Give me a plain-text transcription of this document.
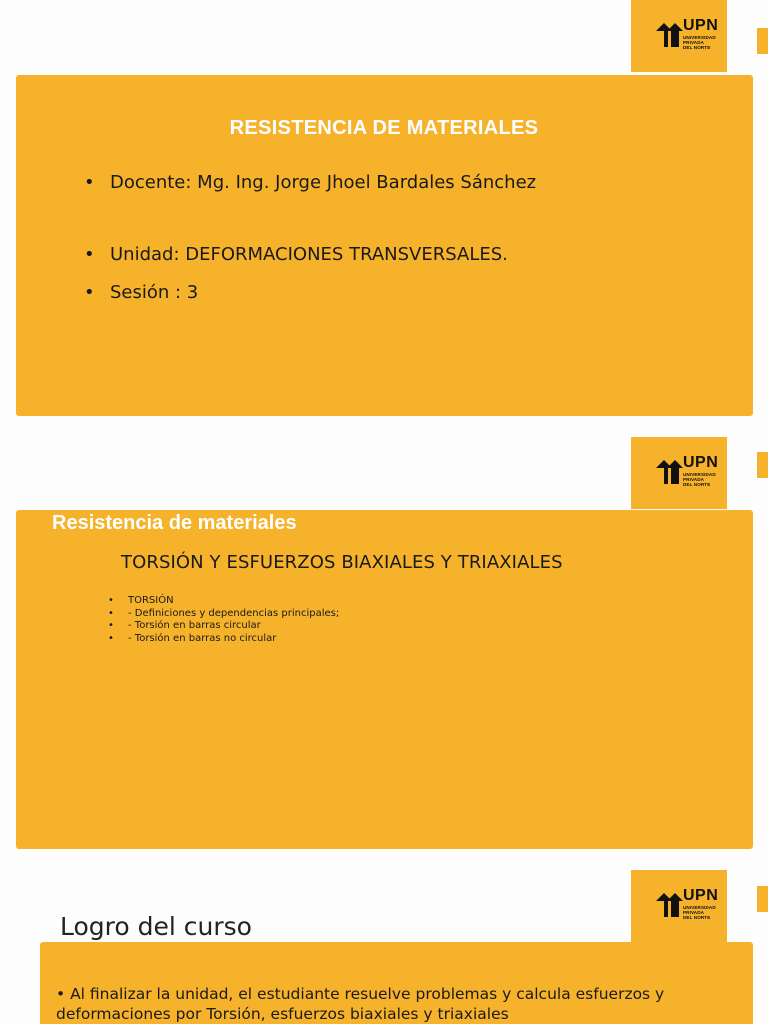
UPN
UNIVERSIDAD
PRIVADA
DEL NORTE
RESISTENCIA DE MATERIALES
• Docente: Mg. Ing. Jorge Jhoel Bardales Sánchez
• Unidad: DEFORMACIONES TRANSVERSALES.
• Sesión : 3
UPN
UNIVERSIDAD
PRIVADA
DEL NORTE
Resistencia de materiales
TORSIÓN Y ESFUERZOS BIAXIALES Y TRIAXIALES
• TORSIÓN
• - Definiciones y dependencias principales;
• - Torsión en barras circular
• - Torsión en barras no circular
UPN
UNIVERSIDAD
PRIVADA
DEL NORTE
Logro del curso
• Al finalizar la unidad, el estudiante resuelve problemas y calcula esfuerzos y deformaciones por Torsión, esfuerzos biaxiales y triaxiales
